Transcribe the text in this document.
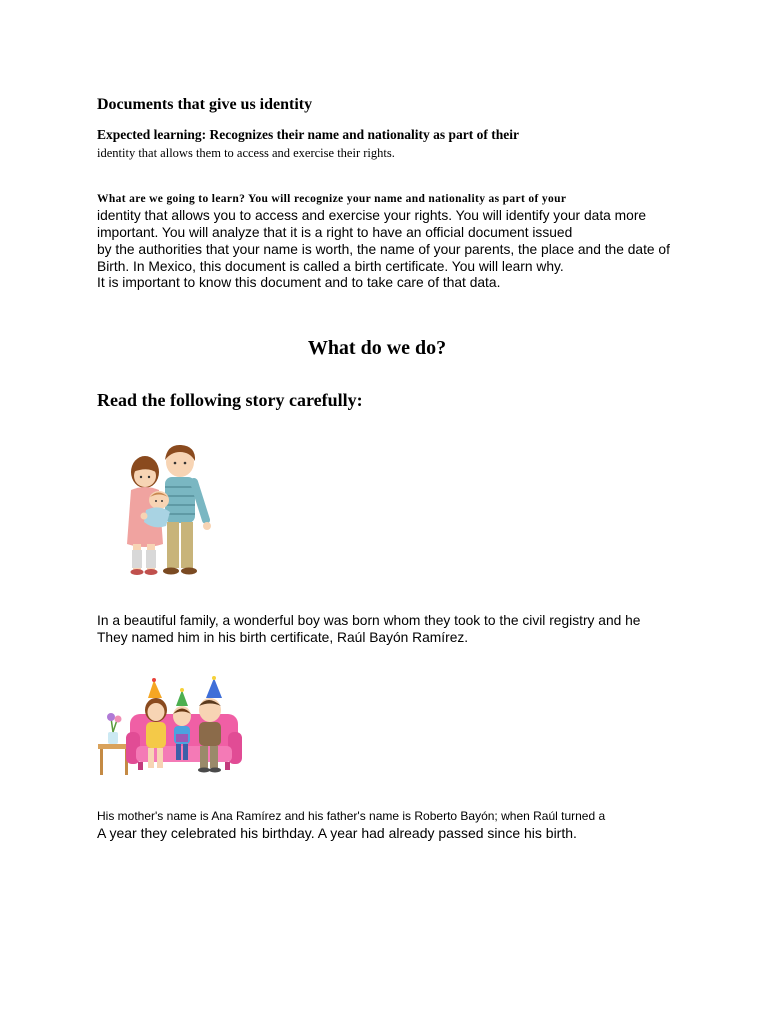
Documents that give us identity
Expected learning: Recognizes their name and nationality as part of their
identity that allows them to access and exercise their rights.
What are we going to learn? You will recognize your name and nationality as part of your
identity that allows you to access and exercise your rights. You will identify your data more
important. You will analyze that it is a right to have an official document issued
by the authorities that your name is worth, the name of your parents, the place and the date of
Birth. In Mexico, this document is called a birth certificate. You will learn why.
It is important to know this document and to take care of that data.
What do we do?
Read the following story carefully:
In a beautiful family, a wonderful boy was born whom they took to the civil registry and he
They named him in his birth certificate, Raúl Bayón Ramírez.
His mother's name is Ana Ramírez and his father's name is Roberto Bayón; when Raúl turned a
A year they celebrated his birthday. A year had already passed since his birth.
